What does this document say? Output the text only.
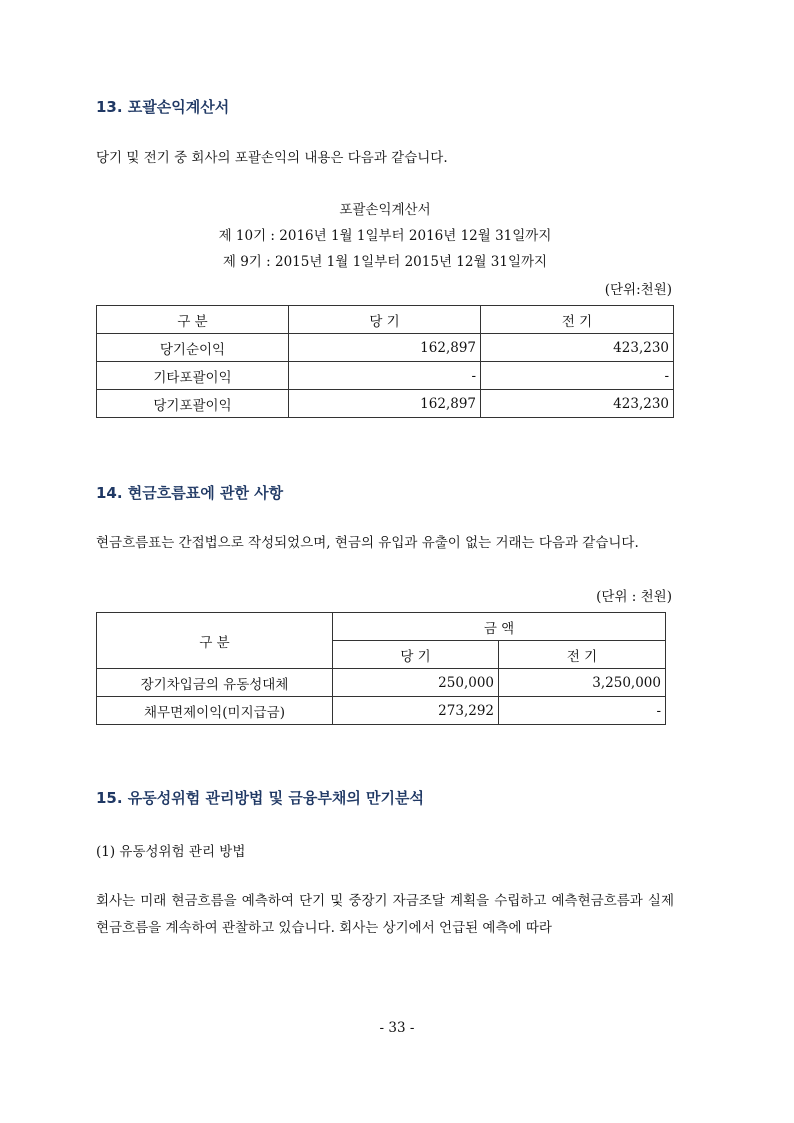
13. 포괄손익계산서
당기 및 전기 중 회사의 포괄손익의 내용은 다음과 같습니다.
포괄손익계산서
제 10기 : 2016년 1월 1일부터 2016년 12월 31일까지
제 9기 : 2015년 1월 1일부터 2015년 12월 31일까지
(단위:천원)
구 분	당 기	전 기
당기순이익	162,897	423,230
기타포괄이익	-	-
당기포괄이익	162,897	423,230
14. 현금흐름표에 관한 사항
현금흐름표는 간접법으로 작성되었으며, 현금의 유입과 유출이 없는 거래는 다음과 같습니다.
(단위 : 천원)
구 분	금 액	
	당 기	전 기
장기차입금의 유동성대체	250,000	3,250,000
채무면제이익(미지급금)	273,292	-
15. 유동성위험 관리방법 및 금융부채의 만기분석
(1) 유동성위험 관리 방법
회사는 미래 현금흐름을 예측하여 단기 및 중장기 자금조달 계획을 수립하고 예측현금흐름과 실제현금흐름을 계속하여 관찰하고 있습니다. 회사는 상기에서 언급된 예측에 따라
- 33 -
